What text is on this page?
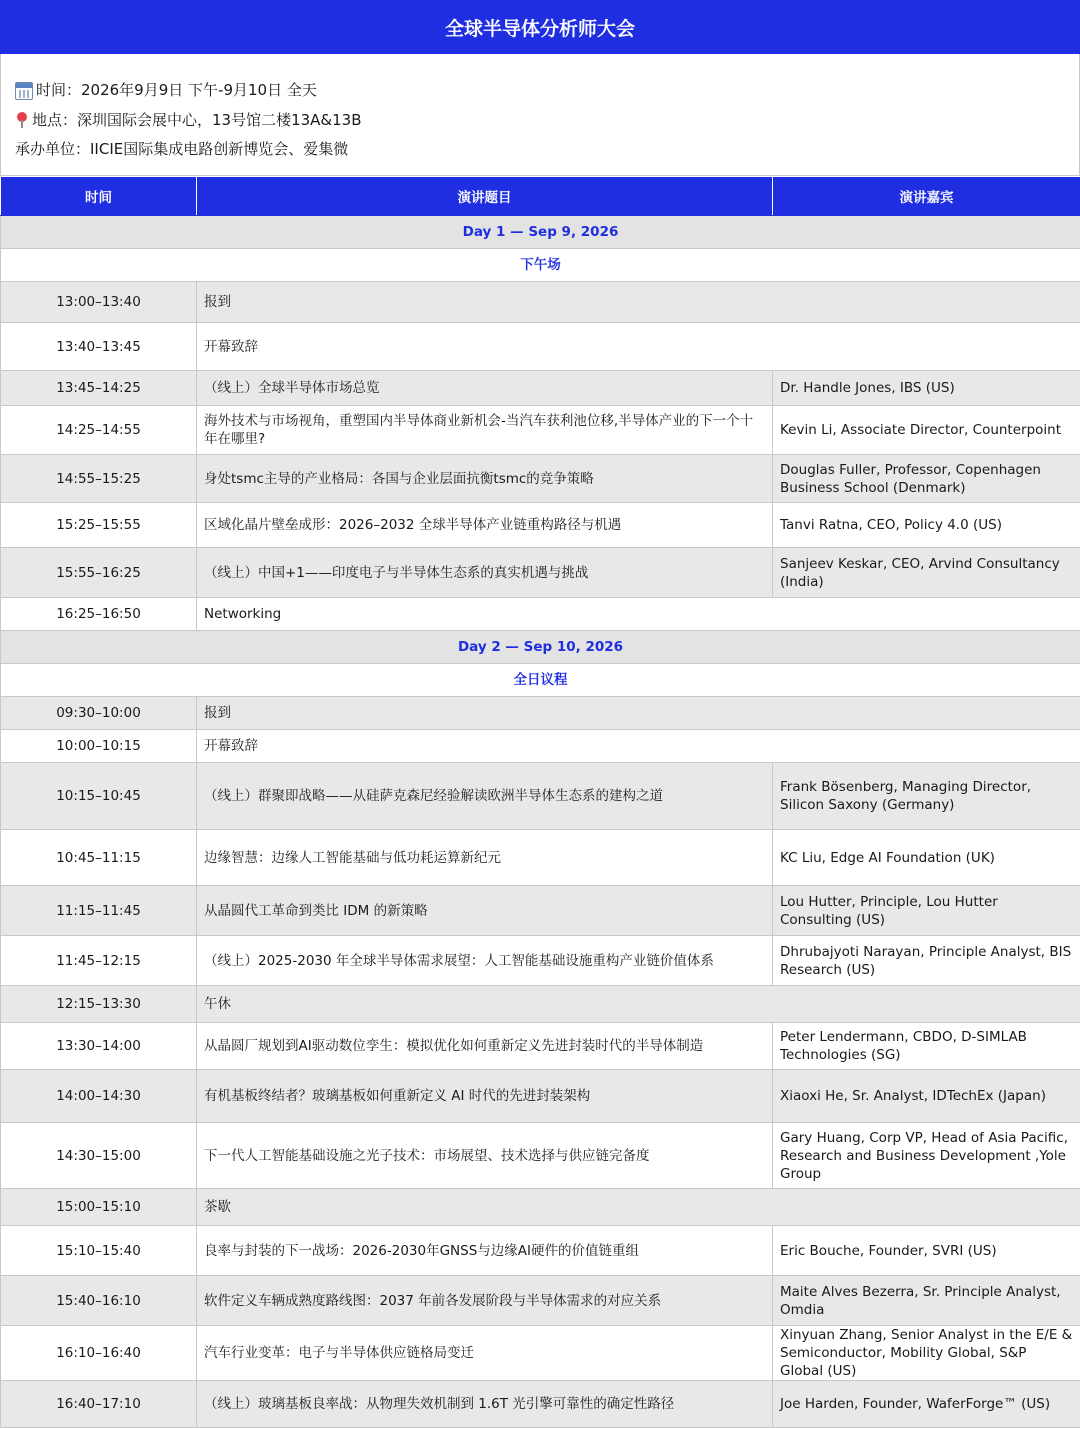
全球半导体分析师大会
时间：2026年9月9日 下午-9月10日 全天
地点：深圳国际会展中心，13号馆二楼13A&13B
承办单位：IICIE国际集成电路创新博览会、爱集微
时间	演讲题目	演讲嘉宾
Day 1 — Sep 9, 2026		
下午场		
13:00–13:40	报到	
13:40–13:45	开幕致辞	
13:45–14:25	（线上）全球半导体市场总览	Dr. Handle Jones, IBS (US)
14:25–14:55	海外技术与市场视角，重塑国内半导体商业新机会-当汽车获利池位移,半导体产业的下一个十年在哪里?	Kevin Li, Associate Director, Counterpoint
14:55–15:25	身处tsmc主导的产业格局：各国与企业层面抗衡tsmc的竞争策略	Douglas Fuller, Professor, Copenhagen Business School (Denmark)
15:25–15:55	区域化晶片壁垒成形：2026–2032 全球半导体产业链重构路径与机遇	Tanvi Ratna, CEO, Policy 4.0 (US)
15:55–16:25	（线上）中国+1——印度电子与半导体生态系的真实机遇与挑战	Sanjeev Keskar, CEO, Arvind Consultancy (India)
16:25–16:50	Networking	
Day 2 — Sep 10, 2026		
全日议程		
09:30–10:00	报到	
10:00–10:15	开幕致辞	
10:15–10:45	（线上）群聚即战略——从硅萨克森尼经验解读欧洲半导体生态系的建构之道	Frank Bösenberg, Managing Director, Silicon Saxony (Germany)
10:45–11:15	边缘智慧：边缘人工智能基础与低功耗运算新纪元	KC Liu, Edge AI Foundation (UK)
11:15–11:45	从晶圆代工革命到类比 IDM 的新策略	Lou Hutter, Principle, Lou Hutter Consulting (US)
11:45–12:15	（线上）2025-2030 年全球半导体需求展望：人工智能基础设施重构产业链价值体系	Dhrubajyoti Narayan, Principle Analyst, BIS Research (US)
12:15–13:30	午休	
13:30–14:00	从晶圆厂规划到AI驱动数位孪生：模拟优化如何重新定义先进封装时代的半导体制造	Peter Lendermann, CBDO, D-SIMLAB Technologies (SG)
14:00–14:30	有机基板终结者？玻璃基板如何重新定义 AI 时代的先进封装架构	Xiaoxi He, Sr. Analyst, IDTechEx (Japan)
14:30–15:00	下一代人工智能基础设施之光子技术：市场展望、技术选择与供应链完备度	Gary Huang, Corp VP, Head of Asia Pacific, Research and Business Development ,Yole Group
15:00–15:10	茶歇	
15:10–15:40	良率与封装的下一战场：2026-2030年GNSS与边缘AI硬件的价值链重组	Eric Bouche, Founder, SVRI (US)
15:40–16:10	软件定义车辆成熟度路线图：2037 年前各发展阶段与半导体需求的对应关系	Maite Alves Bezerra, Sr. Principle Analyst, Omdia
16:10–16:40	汽车行业变革：电子与半导体供应链格局变迁	Xinyuan Zhang, Senior Analyst in the E/E & Semiconductor, Mobility Global, S&P Global (US)
16:40–17:10	（线上）玻璃基板良率战：从物理失效机制到 1.6T 光引擎可靠性的确定性路径	Joe Harden, Founder, WaferForge™ (US)
